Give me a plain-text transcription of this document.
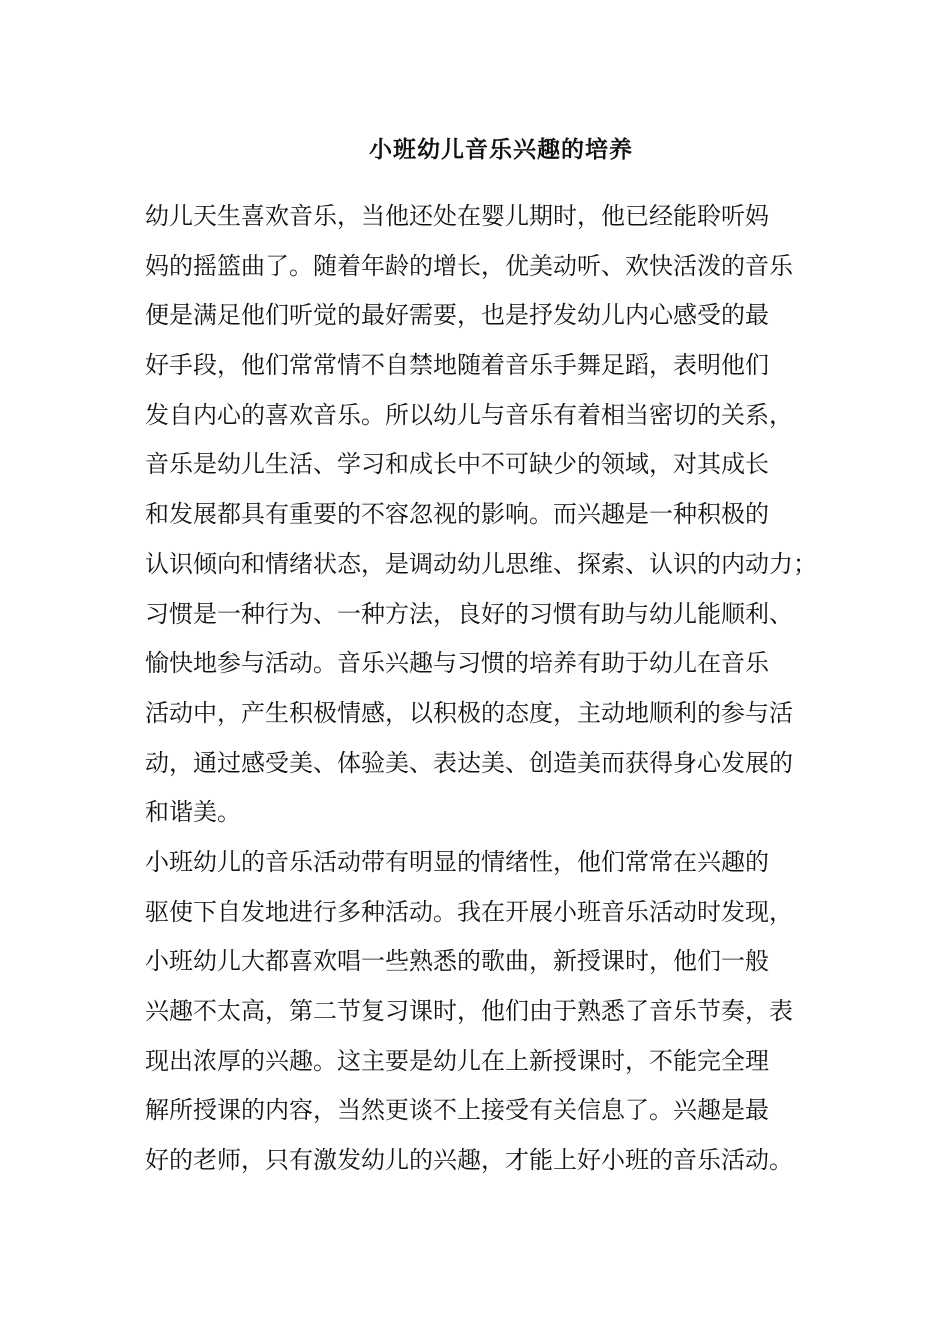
小班幼儿音乐兴趣的培养
幼儿天生喜欢音乐，当他还处在婴儿期时，他已经能聆听妈
妈的摇篮曲了。随着年龄的增长，优美动听、欢快活泼的音乐
便是满足他们听觉的最好需要，也是抒发幼儿内心感受的最
好手段，他们常常情不自禁地随着音乐手舞足蹈，表明他们
发自内心的喜欢音乐。所以幼儿与音乐有着相当密切的关系，
音乐是幼儿生活、学习和成长中不可缺少的领域，对其成长
和发展都具有重要的不容忽视的影响。而兴趣是一种积极的
认识倾向和情绪状态，是调动幼儿思维、探索、认识的内动力；
习惯是一种行为、一种方法，良好的习惯有助与幼儿能顺利、
愉快地参与活动。音乐兴趣与习惯的培养有助于幼儿在音乐
活动中，产生积极情感，以积极的态度，主动地顺利的参与活
动，通过感受美、体验美、表达美、创造美而获得身心发展的
和谐美。
小班幼儿的音乐活动带有明显的情绪性，他们常常在兴趣的
驱使下自发地进行多种活动。我在开展小班音乐活动时发现，
小班幼儿大都喜欢唱一些熟悉的歌曲，新授课时，他们一般
兴趣不太高，第二节复习课时，他们由于熟悉了音乐节奏，表
现出浓厚的兴趣。这主要是幼儿在上新授课时，不能完全理
解所授课的内容，当然更谈不上接受有关信息了。兴趣是最
好的老师，只有激发幼儿的兴趣，才能上好小班的音乐活动。
